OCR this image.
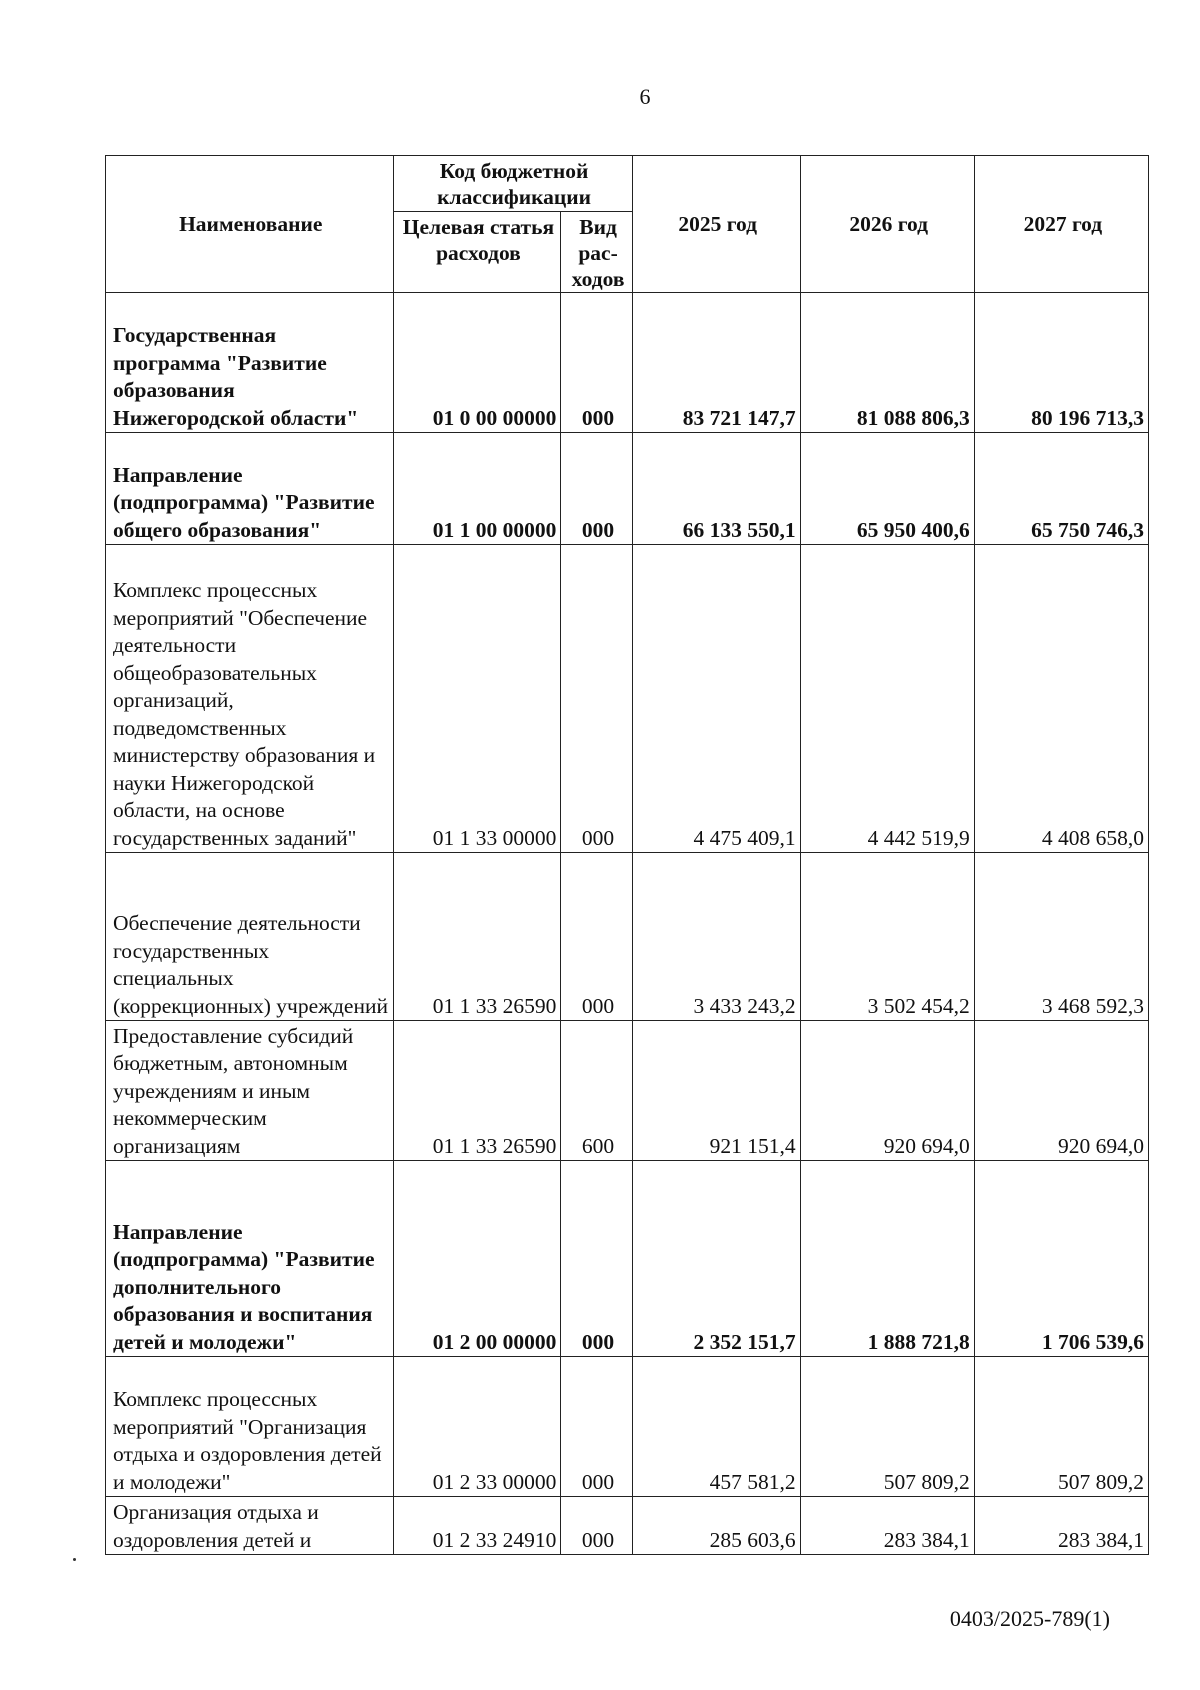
6
Наименование	Код бюджетной классификации		2025 год	2026 год	2027 год
	Целевая статья расходов	Вид рас-ходов			
Государственная программа "Развитие образования Нижегородской области"	01 0 00 00000	000	83 721 147,7	81 088 806,3	80 196 713,3
Направление (подпрограмма) "Развитие общего образования"	01 1 00 00000	000	66 133 550,1	65 950 400,6	65 750 746,3
Комплекс процессных мероприятий "Обеспечение деятельности общеобразовательных организаций, подведомственных министерству образования и науки Нижегородской области, на основе государственных заданий"	01 1 33 00000	000	4 475 409,1	4 442 519,9	4 408 658,0
Обеспечение деятельности государственных специальных (коррекционных) учреждений	01 1 33 26590	000	3 433 243,2	3 502 454,2	3 468 592,3
Предоставление субсидий бюджетным, автономным учреждениям и иным некоммерческим организациям	01 1 33 26590	600	921 151,4	920 694,0	920 694,0
Направление (подпрограмма) "Развитие дополнительного образования и воспитания детей и молодежи"	01 2 00 00000	000	2 352 151,7	1 888 721,8	1 706 539,6
Комплекс процессных мероприятий "Организация отдыха и оздоровления детей и молодежи"	01 2 33 00000	000	457 581,2	507 809,2	507 809,2
Организация отдыха и оздоровления детей и	01 2 33 24910	000	285 603,6	283 384,1	283 384,1
0403/2025-789(1)
